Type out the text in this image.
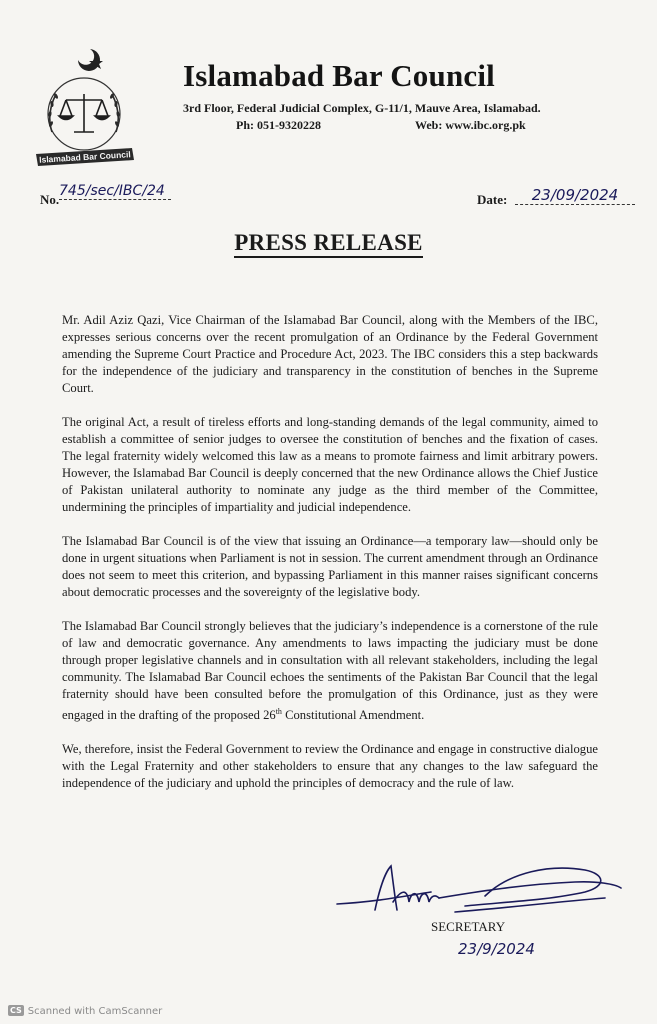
Islamabad Bar Council
Islamabad Bar Council
3rd Floor, Federal Judicial Complex, G-11/1, Mauve Area, Islamabad.
Ph: 051-9320228	Web: www.ibc.org.pk
No.
745/sec/IBC/24
Date:	23/09/2024
PRESS RELEASE

Mr. Adil Aziz Qazi, Vice Chairman of the Islamabad Bar Council, along with the Members of the IBC, expresses serious concerns over the recent promulgation of an Ordinance by the Federal Government amending the Supreme Court Practice and Procedure Act, 2023. The IBC considers this a step backwards for the independence of the judiciary and transparency in the constitution of benches in the Supreme Court.

The original Act, a result of tireless efforts and long-standing demands of the legal community, aimed to establish a committee of senior judges to oversee the constitution of benches and the fixation of cases. The legal fraternity widely welcomed this law as a means to promote fairness and limit arbitrary powers. However, the Islamabad Bar Council is deeply concerned that the new Ordinance allows the Chief Justice of Pakistan unilateral authority to nominate any judge as the third member of the Committee, undermining the principles of impartiality and judicial independence.

The Islamabad Bar Council is of the view that issuing an Ordinance—a temporary law—should only be done in urgent situations when Parliament is not in session. The current amendment through an Ordinance does not seem to meet this criterion, and bypassing Parliament in this manner raises significant concerns about democratic processes and the sovereignty of the legislative body.

The Islamabad Bar Council strongly believes that the judiciary’s independence is a cornerstone of the rule of law and democratic governance. Any amendments to laws impacting the judiciary must be done through proper legislative channels and in consultation with all relevant stakeholders, including the legal community. The Islamabad Bar Council echoes the sentiments of the Pakistan Bar Council that the legal fraternity should have been consulted before the promulgation of this Ordinance, just as they were engaged in the drafting of the proposed 26th Constitutional Amendment.

We, therefore, insist the Federal Government to review the Ordinance and engage in constructive dialogue with the Legal Fraternity and other stakeholders to ensure that any changes to the law safeguard the independence of the judiciary and uphold the principles of democracy and the rule of law.

SECRETARY
23/9/2024
CS Scanned with CamScanner
